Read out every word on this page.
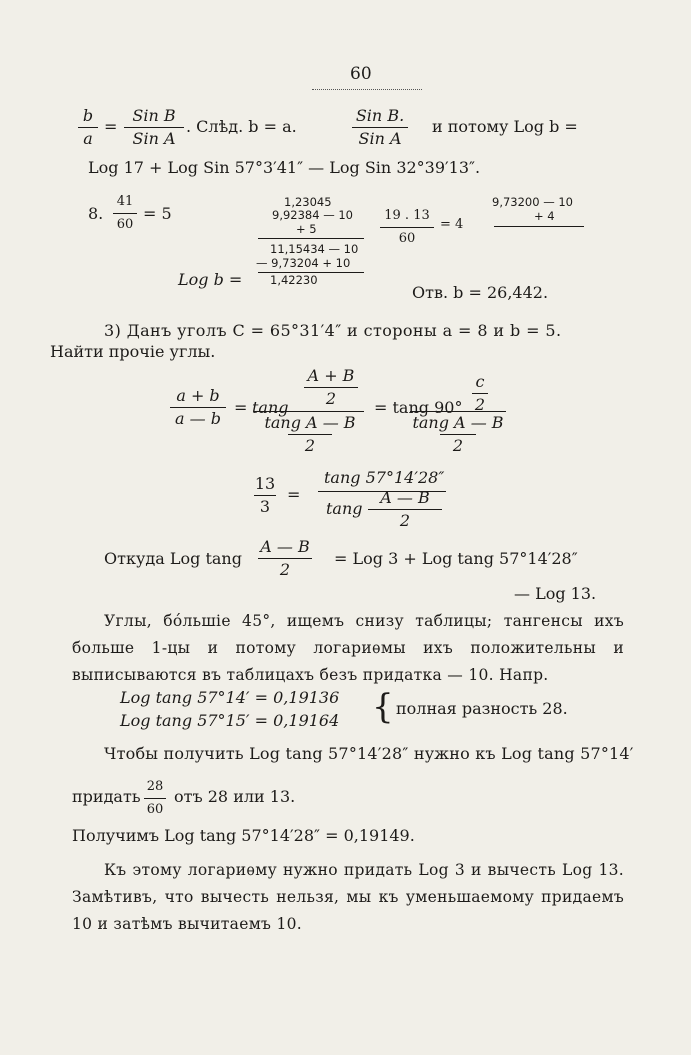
60
b
a
=
Sin B
Sin A
. Слѣд. b = a.
Sin B.
Sin A
и потому Log b =
Log 17 + Log Sin 57°3′41″ — Log Sin 32°39′13″.
8.
41
60
= 5
1,23045
9,92384 — 10
+ 5
11,15434 — 10
— 9,73204 + 10
Log b = 1,42230
19 . 13
60
= 4
9,73200 — 10
+ 4
Отв. b = 26,442.
3) Данъ уголъ C = 65°31′4″ и стороны a = 8 и b = 5.
Найти прочіе углы.
a + b
a — b
= tang
A + B
2
tang A — B
2
= tang 90°
c
2
tang A — B
2
13
3
=
tang 57°14′28″
tang
A — B
2
Откуда Log tang
A — B
2
= Log 3 + Log tang 57°14′28″
— Log 13.
Углы, бо́льшіе 45°, ищемъ снизу таблицы; тангенсы ихъ больше 1-цы и потому логариѳмы ихъ положительны и выписываются въ таблицахъ безъ придатка — 10. Напр.
Log tang 57°14′ = 0,19136
Log tang 57°15′ = 0,19164 { полная разность 28.
Чтобы получить Log tang 57°14′28″ нужно къ Log tang 57°14′
придать
28
60
отъ 28 или 13.
Получимъ Log tang 57°14′28″ = 0,19149.
Къ этому логариѳму нужно придать Log 3 и вычесть Log 13. Замѣтивъ, что вычесть нельзя, мы къ уменьшаемому придаемъ 10 и затѣмъ вычитаемъ 10.
